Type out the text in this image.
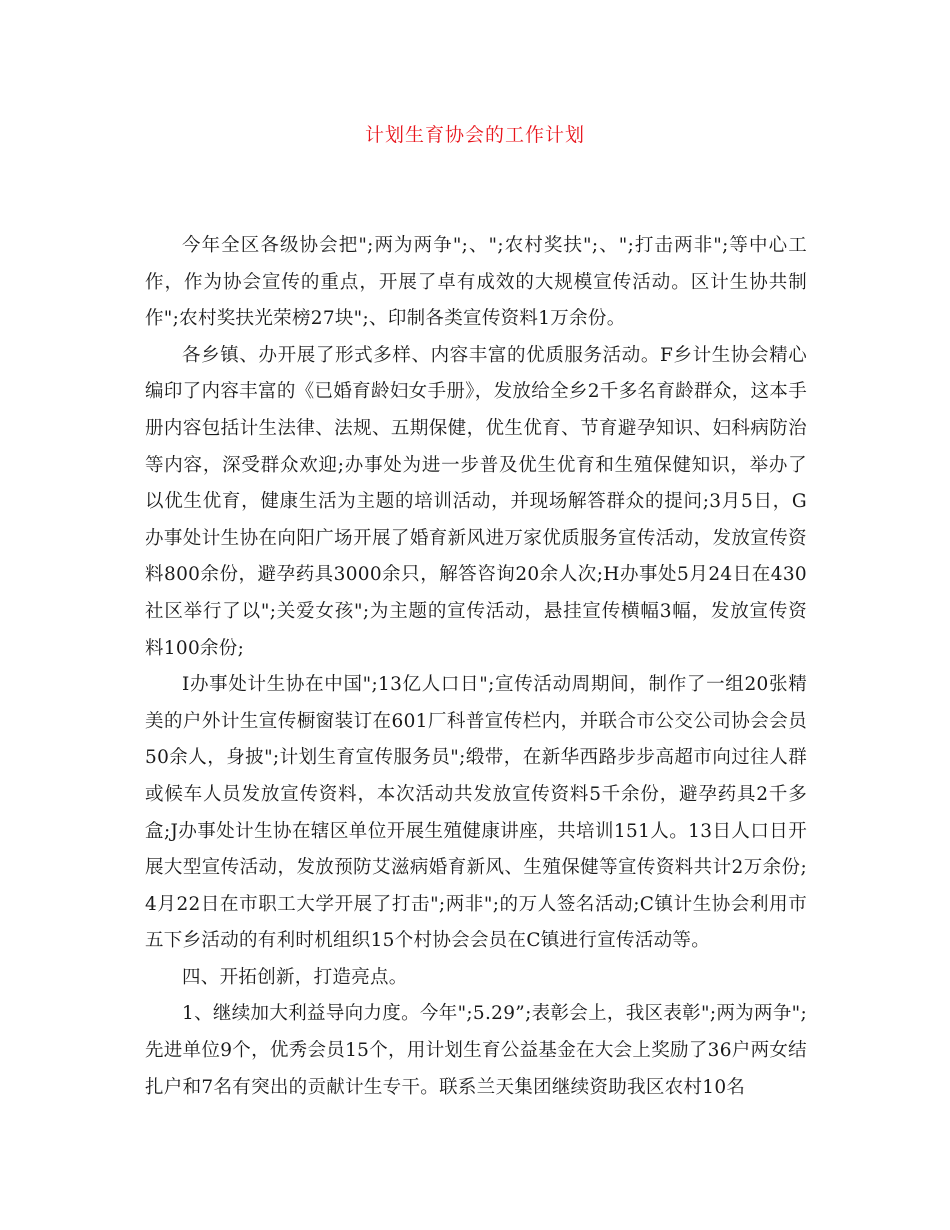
计划生育协会的工作计划

今年全区各级协会把";两为两争";、";农村奖扶";、";打击两非";等中心工作，作为协会宣传的重点，开展了卓有成效的大规模宣传活动。区计生协共制作";农村奖扶光荣榜27块";、印制各类宣传资料1万余份。

各乡镇、办开展了形式多样、内容丰富的优质服务活动。F乡计生协会精心编印了内容丰富的《已婚育龄妇女手册》，发放给全乡2千多名育龄群众，这本手册内容包括计生法律、法规、五期保健，优生优育、节育避孕知识、妇科病防治等内容，深受群众欢迎;办事处为进一步普及优生优育和生殖保健知识，举办了以优生优育，健康生活为主题的培训活动，并现场解答群众的提问;3月5日，G办事处计生协在向阳广场开展了婚育新风进万家优质服务宣传活动，发放宣传资料800余份，避孕药具3000余只，解答咨询20余人次;H办事处5月24日在430社区举行了以";关爱女孩";为主题的宣传活动，悬挂宣传横幅3幅，发放宣传资料100余份;

I办事处计生协在中国";13亿人口日";宣传活动周期间，制作了一组20张精美的户外计生宣传橱窗装订在601厂科普宣传栏内，并联合市公交公司协会会员50余人，身披";计划生育宣传服务员";缎带，在新华西路步步高超市向过往人群或候车人员发放宣传资料，本次活动共发放宣传资料5千余份，避孕药具2千多盒;J办事处计生协在辖区单位开展生殖健康讲座，共培训151人。13日人口日开展大型宣传活动，发放预防艾滋病婚育新风、生殖保健等宣传资料共计2万余份;4月22日在市职工大学开展了打击";两非";的万人签名活动;C镇计生协会利用市五下乡活动的有利时机组织15个村协会会员在C镇进行宣传活动等。

四、开拓创新，打造亮点。

1、继续加大利益导向力度。今年";5.29”;表彰会上，我区表彰";两为两争";先进单位9个，优秀会员15个，用计划生育公益基金在大会上奖励了36户两女结扎户和7名有突出的贡献计生专干。联系兰天集团继续资助我区农村10名
